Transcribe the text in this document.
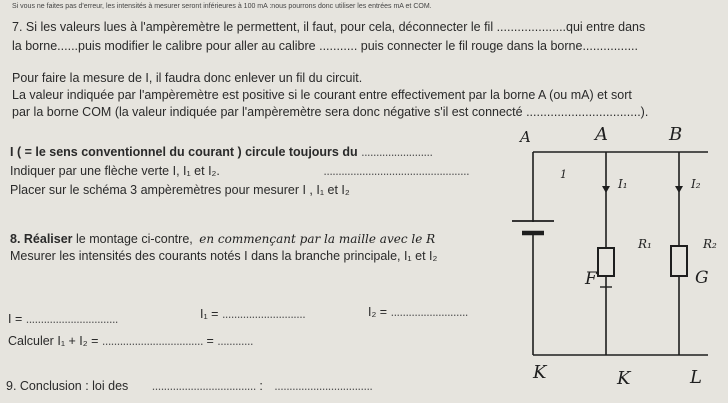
Si vous ne faites pas d'erreur, les intensités à mesurer seront inférieures à 100 mA :nous pourrons donc utiliser les entrées mA et COM.
7. Si les valeurs lues à l'ampèremètre le permettent, il faut, pour cela, déconnecter le fil ....................qui entre dans
la borne......puis modifier le calibre pour aller au calibre ........... puis connecter le fil rouge dans la borne................
Pour faire la mesure de I, il faudra donc enlever un fil du circuit.
La valeur indiquée par l'ampèremètre est positive si le courant entre effectivement par la borne A (ou mA) et sort
par la borne COM (la valeur indiquée par l'ampèremètre sera donc négative s'il est connecté .................................).
I ( = le sens conventionnel du courant ) circule toujours du ........................
Indiquer par une flèche verte I, I₁ et I₂.	.................................................
Placer sur le schéma 3 ampèremètres pour mesurer I , I₁ et I₂
8. Réaliser le montage ci-contre, en commençant par la maille avec le R
Mesurer les intensités des courants notés I dans la branche principale, I₁ et I₂
I = ...............................	I₁ = ............................	I₂ = ..........................
Calculer I₁ + I₂ = .................................. = ............
9. Conclusion : loi des ................................... : .................................
A	A	B
1
I₁	I₂
R₁	R₂
F	G
K	K	L
